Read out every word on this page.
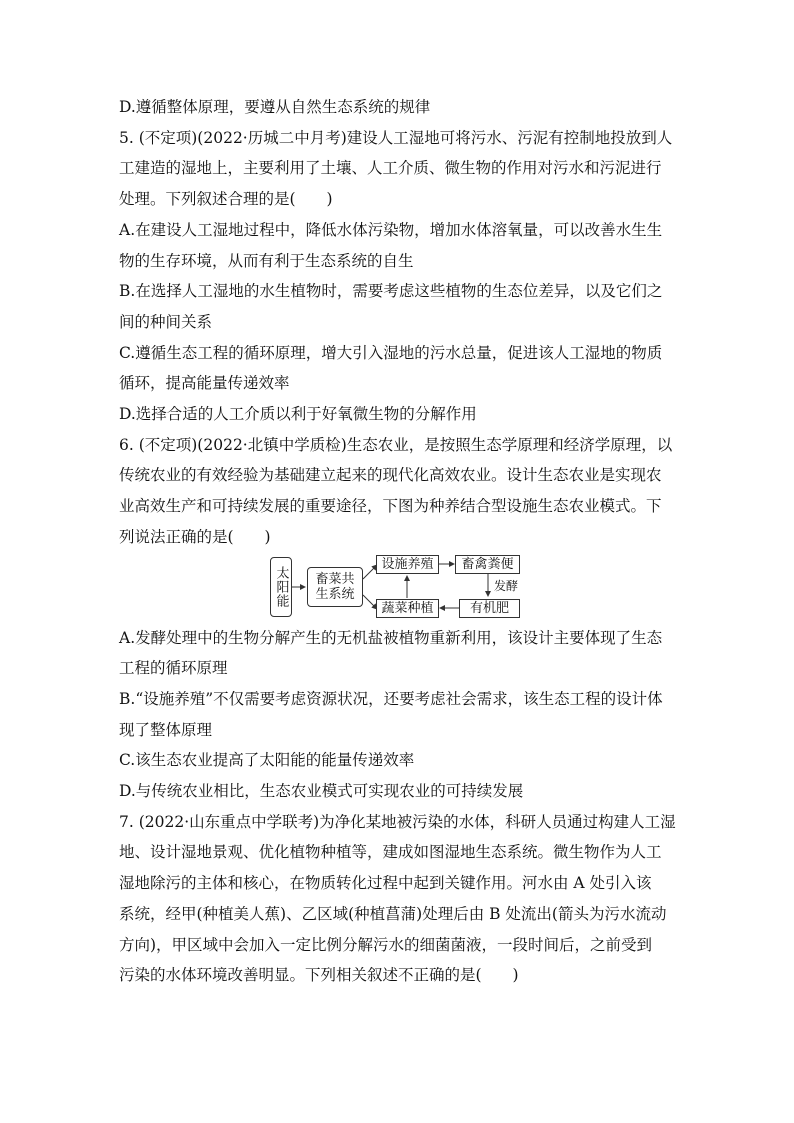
D.遵循整体原理，要遵从自然生态系统的规律
5. (不定项)(2022·历城二中月考)建设人工湿地可将污水、污泥有控制地投放到人
工建造的湿地上，主要利用了土壤、人工介质、微生物的作用对污水和污泥进行
处理。下列叙述合理的是(　　)
A.在建设人工湿地过程中，降低水体污染物，增加水体溶氧量，可以改善水生生
物的生存环境，从而有利于生态系统的自生
B.在选择人工湿地的水生植物时，需要考虑这些植物的生态位差异，以及它们之
间的种间关系
C.遵循生态工程的循环原理，增大引入湿地的污水总量，促进该人工湿地的物质
循环，提高能量传递效率
D.选择合适的人工介质以利于好氧微生物的分解作用
6. (不定项)(2022·北镇中学质检)生态农业，是按照生态学原理和经济学原理，以
传统农业的有效经验为基础建立起来的现代化高效农业。设计生态农业是实现农
业高效生产和可持续发展的重要途径，下图为种养结合型设施生态农业模式。下
列说法正确的是(　　)
太阳能 畜菜共
生系统
设施养殖 畜禽粪便
蔬菜种植	有机肥
发酵
A.发酵处理中的生物分解产生的无机盐被植物重新利用，该设计主要体现了生态
工程的循环原理
B.“设施养殖”不仅需要考虑资源状况，还要考虑社会需求，该生态工程的设计体
现了整体原理
C.该生态农业提高了太阳能的能量传递效率
D.与传统农业相比，生态农业模式可实现农业的可持续发展
7. (2022·山东重点中学联考)为净化某地被污染的水体，科研人员通过构建人工湿
地、设计湿地景观、优化植物种植等，建成如图湿地生态系统。微生物作为人工
湿地除污的主体和核心，在物质转化过程中起到关键作用。河水由 A 处引入该
系统，经甲(种植美人蕉)、乙区域(种植菖蒲)处理后由 B 处流出(箭头为污水流动
方向)，甲区域中会加入一定比例分解污水的细菌菌液，一段时间后，之前受到
污染的水体环境改善明显。下列相关叙述不正确的是(　　)
